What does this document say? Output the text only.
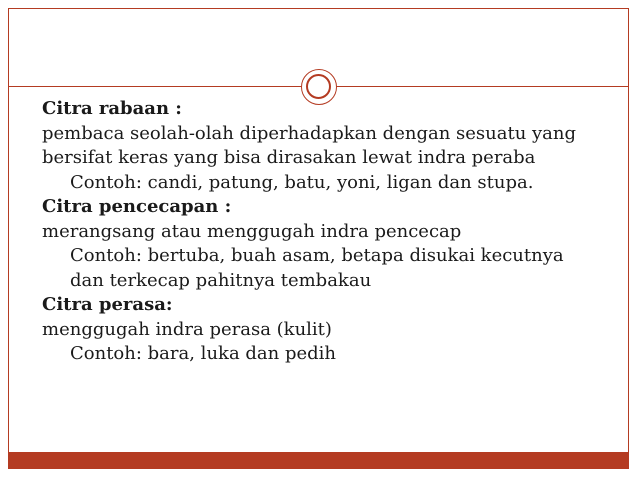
Citra rabaan :

pembaca seolah-olah diperhadapkan dengan sesuatu yang bersifat keras yang bisa dirasakan lewat indra peraba

Contoh: candi, patung, batu, yoni, ligan dan stupa.

Citra pencecapan :

merangsang atau menggugah indra pencecap

Contoh: bertuba, buah asam, betapa disukai kecutnya dan terkecap pahitnya tembakau

Citra perasa:

menggugah indra perasa (kulit)

Contoh: bara, luka dan pedih
